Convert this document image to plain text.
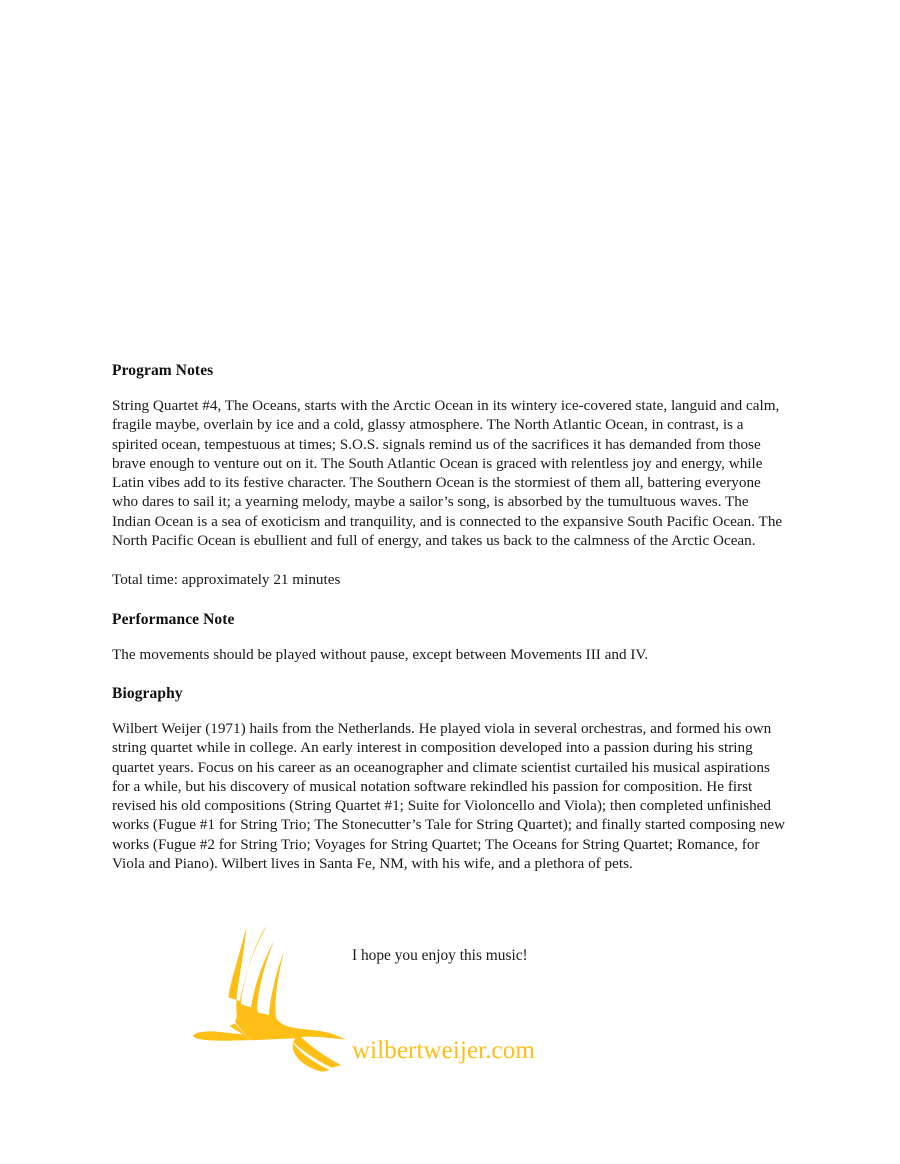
Program Notes

String Quartet #4, The Oceans, starts with the Arctic Ocean in its wintery ice-covered state, languid and calm, fragile maybe, overlain by ice and a cold, glassy atmosphere. The North Atlantic Ocean, in contrast, is a spirited ocean, tempestuous at times; S.O.S. signals remind us of the sacrifices it has demanded from those brave enough to venture out on it. The South Atlantic Ocean is graced with relentless joy and energy, while Latin vibes add to its festive character. The Southern Ocean is the stormiest of them all, battering everyone who dares to sail it; a yearning melody, maybe a sailor’s song, is absorbed by the tumultuous waves. The Indian Ocean is a sea of exoticism and tranquility, and is connected to the expansive South Pacific Ocean. The North Pacific Ocean is ebullient and full of energy, and takes us back to the calmness of the Arctic Ocean.

Total time: approximately 21 minutes

Performance Note

The movements should be played without pause, except between Movements III and IV.

Biography

Wilbert Weijer (1971) hails from the Netherlands. He played viola in several orchestras, and formed his own string quartet while in college. An early interest in composition developed into a passion during his string quartet years. Focus on his career as an oceanographer and climate scientist curtailed his musical aspirations for a while, but his discovery of musical notation software rekindled his passion for composition. He first revised his old compositions (String Quartet #1; Suite for Violoncello and Viola); then completed unfinished works (Fugue #1 for String Trio; The Stonecutter’s Tale for String Quartet); and finally started composing new works (Fugue #2 for String Trio; Voyages for String Quartet; The Oceans for String Quartet; Romance, for Viola and Piano). Wilbert lives in Santa Fe, NM, with his wife, and a plethora of pets.

I hope you enjoy this music!
wilbertweijer.com
